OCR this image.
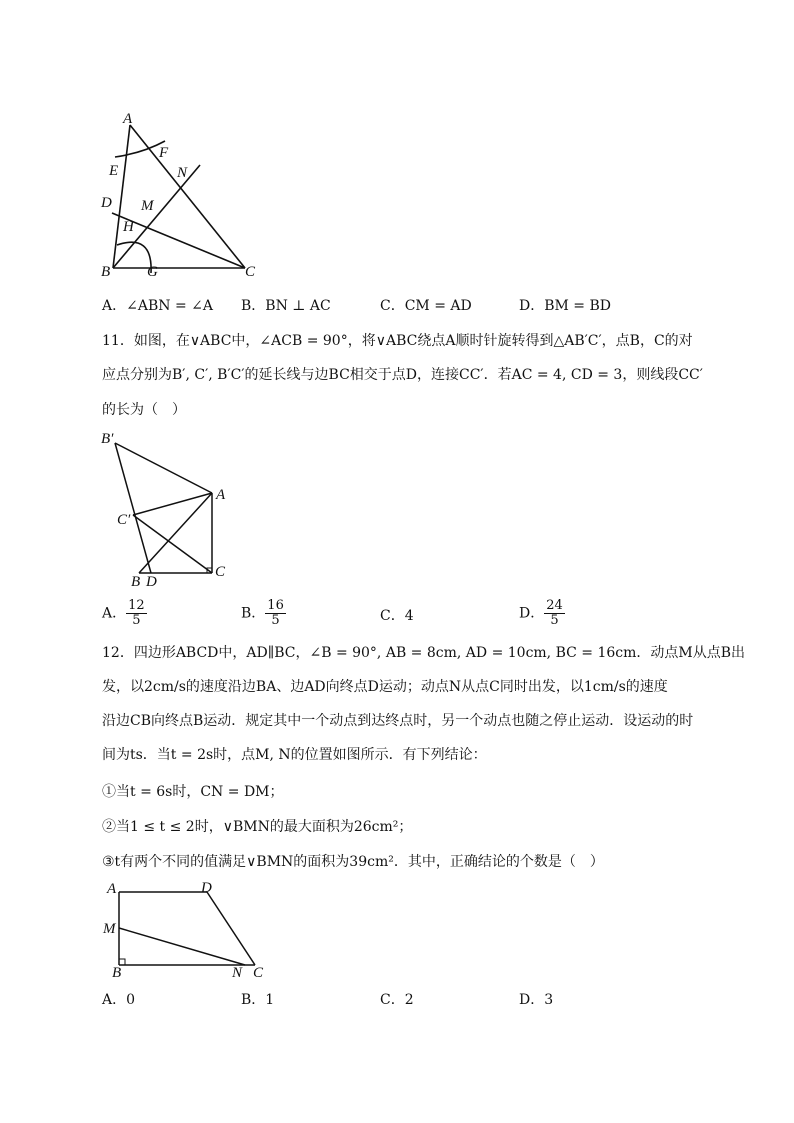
A
F
E	N
D M
H
B G	C
A．∠ABN = ∠A B．BN ⊥ AC	C．CM = AD	D．BM = BD
11．如图，在∨ABC中，∠ACB = 90°，将∨ABC绕点A顺时针旋转得到△AB′C′，点B，C的对
应点分别为B′, C′, B′C′的延长线与边BC相交于点D，连接CC′．若AC = 4, CD = 3，则线段CC′
的长为（　）
B′
A
C′
B D
C
A． $\frac{12}{5}$	B． $\frac{16}{5}$	C．4	D． $\frac{24}{5}$
12．四边形ABCD中，AD∥BC，∠B = 90°, AB = 8cm, AD = 10cm, BC = 16cm．动点M从点B出
发，以2cm/s的速度沿边BA、边AD向终点D运动；动点N从点C同时出发，以1cm/s的速度
沿边CB向终点B运动．规定其中一个动点到达终点时，另一个动点也随之停止运动．设运动的时
间为ts．当t = 2s时，点M, N的位置如图所示．有下列结论：
①当t = 6s时，CN = DM；
②当1 ≤ t ≤ 2时，∨BMN的最大面积为26cm²；
③t有两个不同的值满足∨BMN的面积为39cm²．其中，正确结论的个数是（　）
A	D
M
B	N C
A．0	B．1	C．2	D．3
